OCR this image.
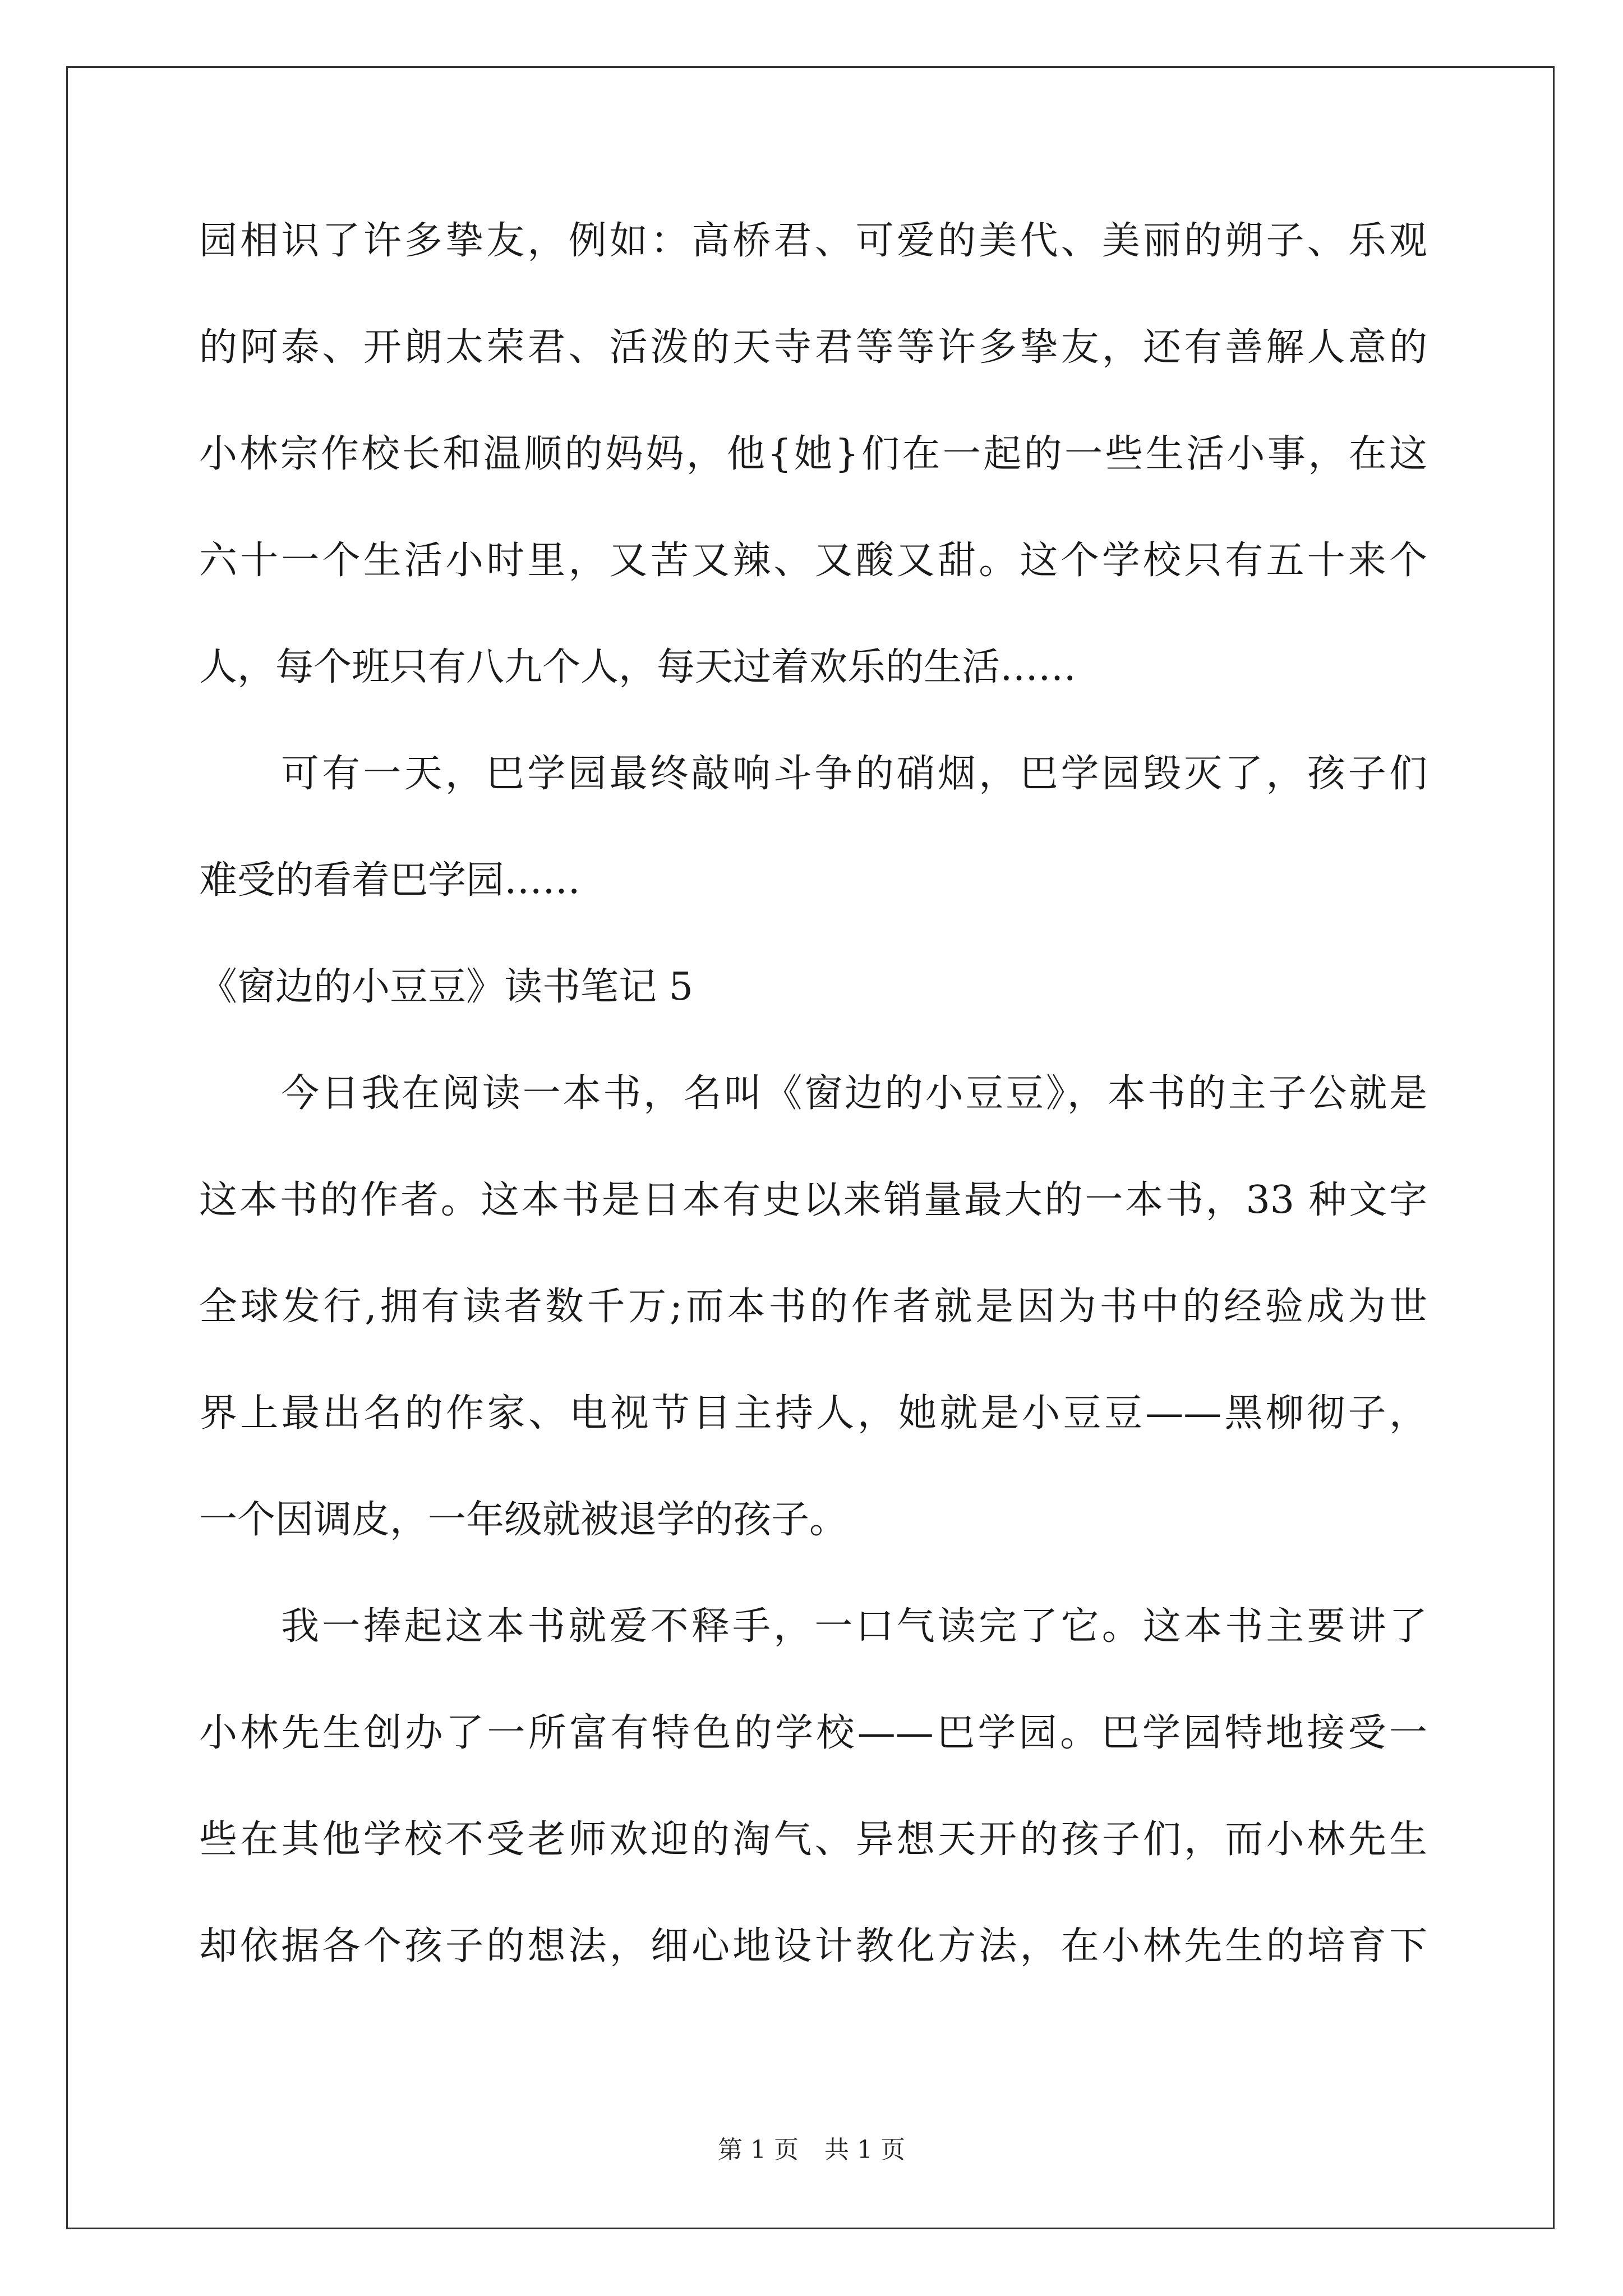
园相识了许多挚友，例如：高桥君、可爱的美代、美丽的朔子、乐观
的阿泰、开朗太荣君、活泼的天寺君等等许多挚友，还有善解人意的
小林宗作校长和温顺的妈妈，他{她}们在一起的一些生活小事，在这
六十一个生活小时里，又苦又辣、又酸又甜。这个学校只有五十来个
人，每个班只有八九个人，每天过着欢乐的生活……
可有一天，巴学园最终敲响斗争的硝烟，巴学园毁灭了，孩子们
难受的看着巴学园……
《窗边的小豆豆》读书笔记 5
今日我在阅读一本书，名叫《窗边的小豆豆》，本书的主子公就是
这本书的作者。这本书是日本有史以来销量最大的一本书，33 种文字
全球发行,拥有读者数千万;而本书的作者就是因为书中的经验成为世
界上最出名的作家、电视节目主持人，她就是小豆豆——黑柳彻子，
一个因调皮，一年级就被退学的孩子。
我一捧起这本书就爱不释手，一口气读完了它。这本书主要讲了
小林先生创办了一所富有特色的学校——巴学园。巴学园特地接受一
些在其他学校不受老师欢迎的淘气、异想天开的孩子们，而小林先生
却依据各个孩子的想法，细心地设计教化方法，在小林先生的培育下
第 1 页 共 1 页
